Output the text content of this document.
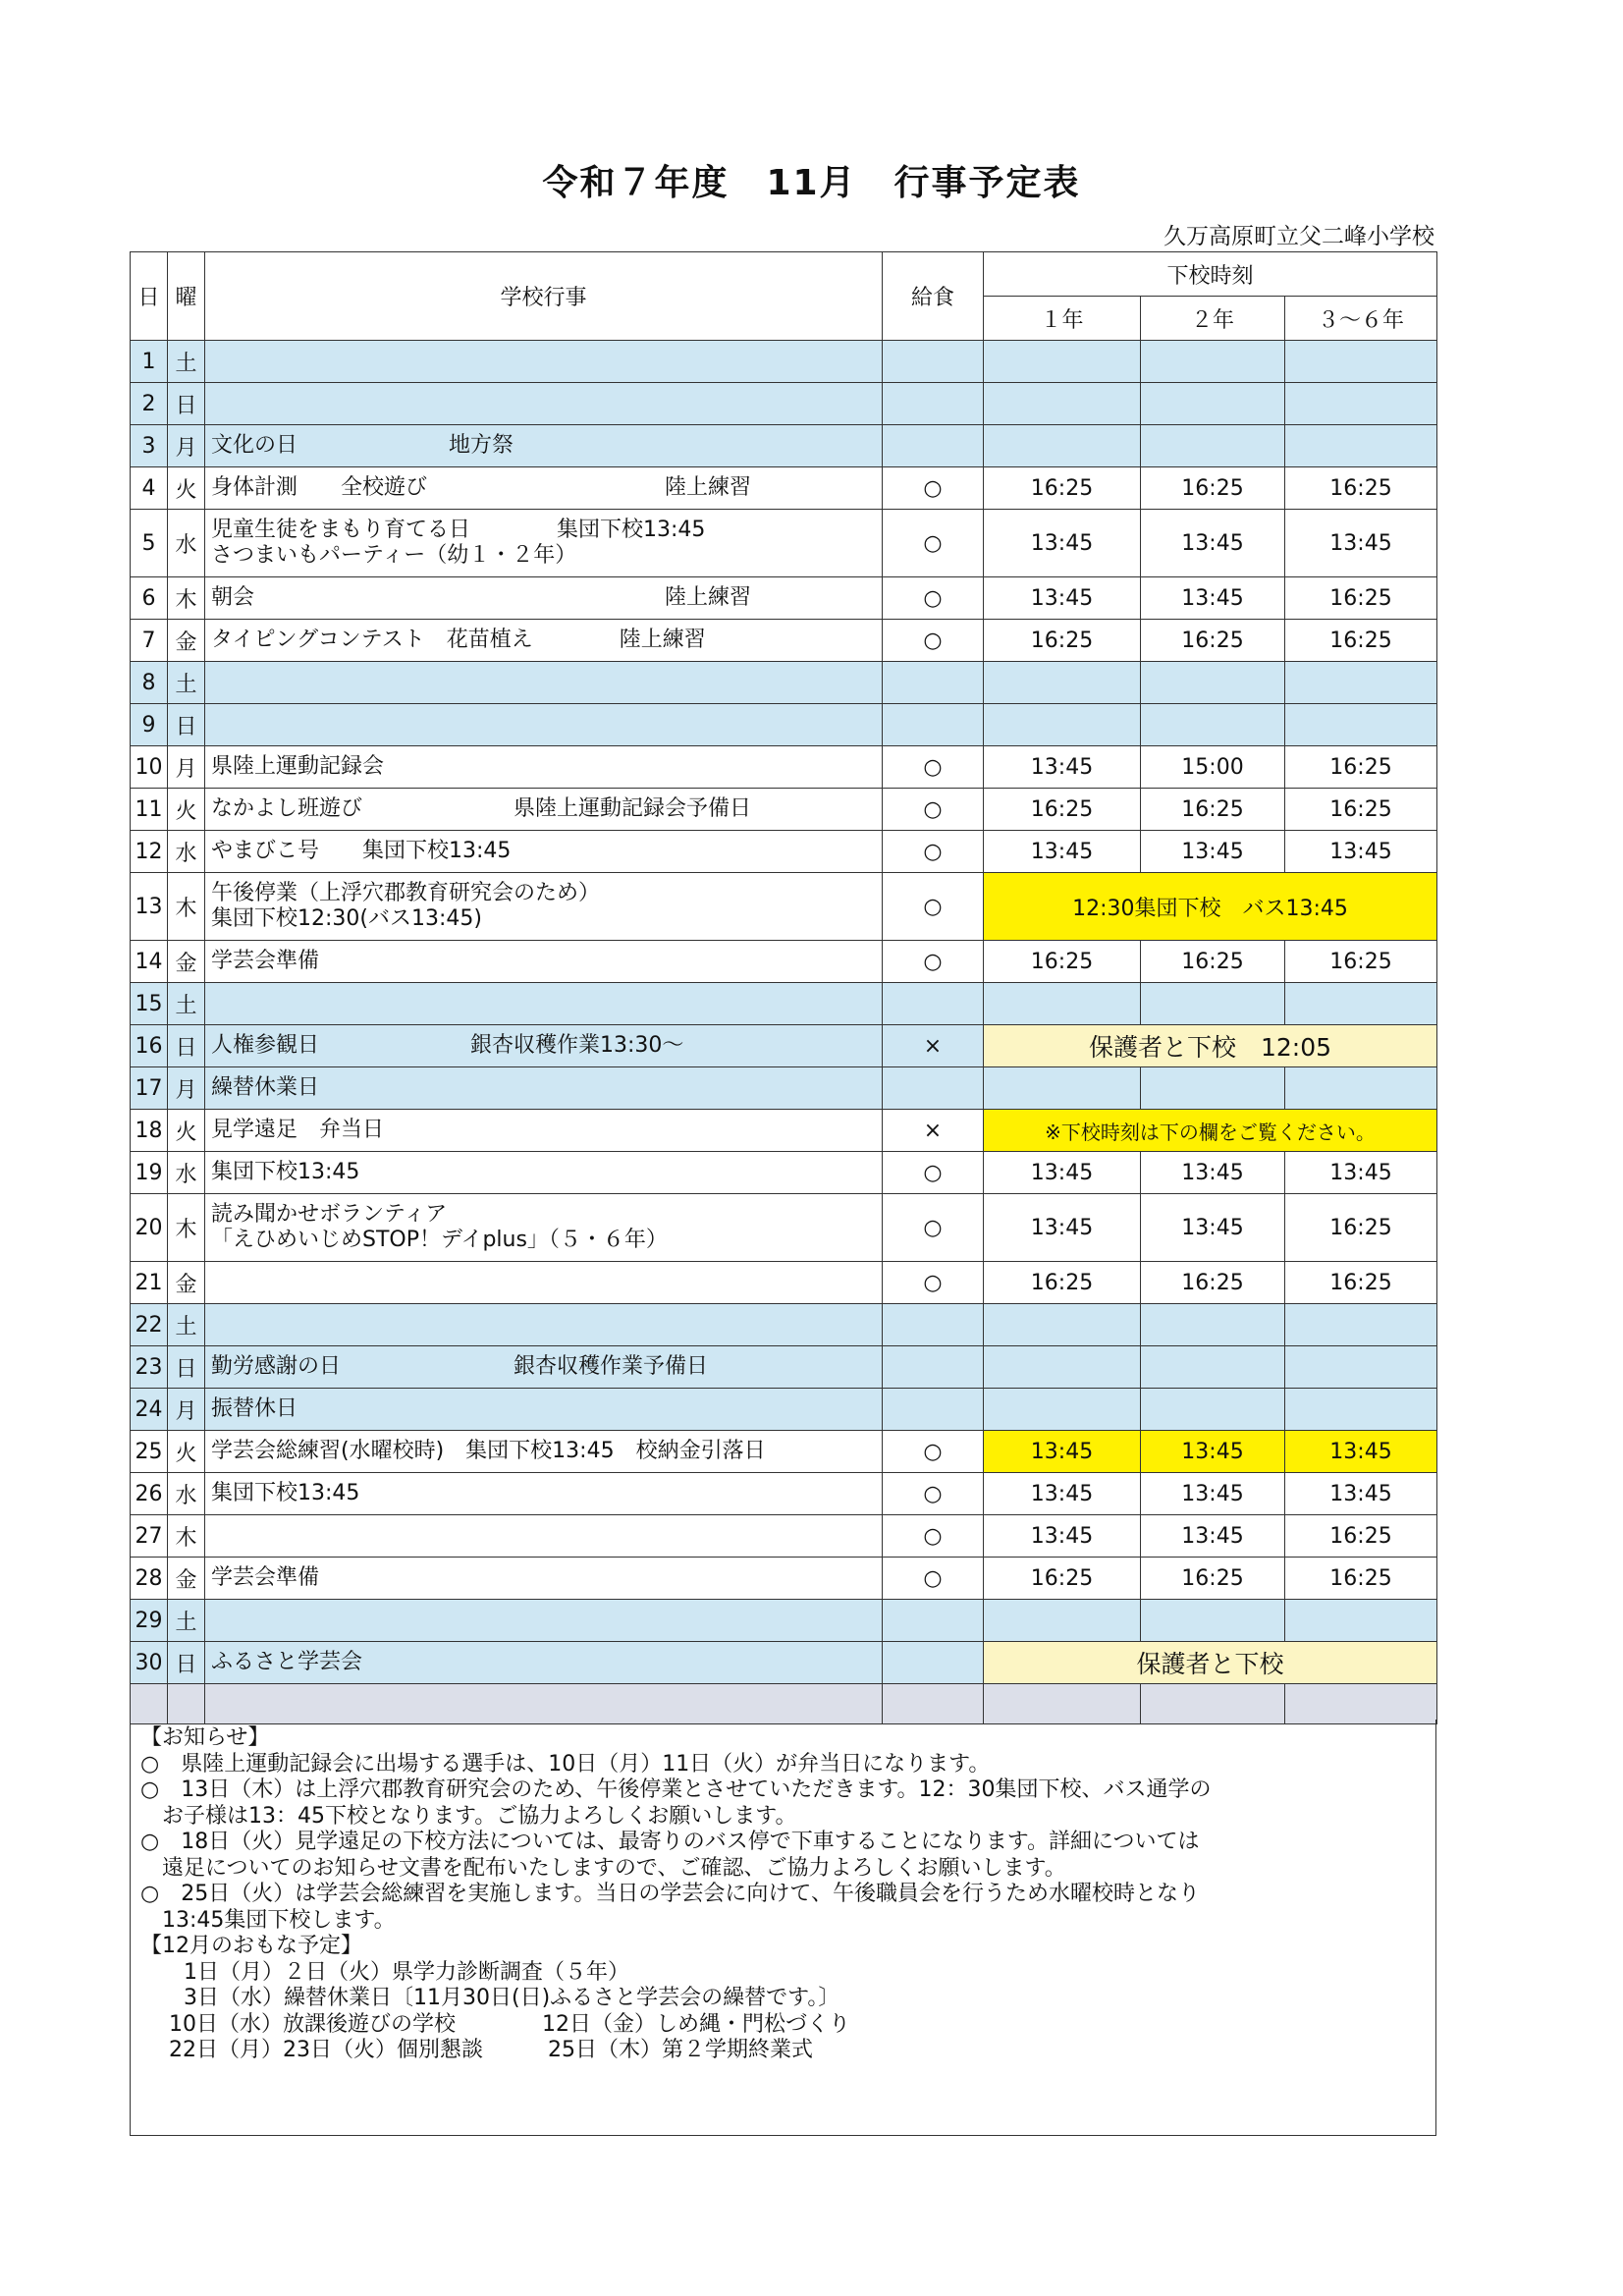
令和７年度　11月　行事予定表
久万高原町立父二峰小学校
日	曜	学校行事	給食	下校時刻		
				１年	２年	３～６年
1	土	

2	日	

3	月	文化の日　　　　　　　地方祭				

4	火	身体計測　　全校遊び　　　　　　　　　　　陸上練習	○	16:25	16:25	16:25
5	水	児童生徒をまもり育てる日　　　　集団下校13:45
さつまいもパーティー（幼１・２年）	○	13:45	13:45	13:45
6	木	朝会　　　　　　　　　　　　　　　　　　　陸上練習	○	13:45	13:45	16:25
7	金	タイピングコンテスト　花苗植え　　　　陸上練習	○	16:25	16:25	16:25
8	土	

9	日	

10	月	県陸上運動記録会	○	13:45	15:00	16:25
11	火	なかよし班遊び　　　　　　　県陸上運動記録会予備日	○	16:25	16:25	16:25
12	水	やまびこ号　　集団下校13:45	○	13:45	13:45	13:45
13	木	午後停業（上浮穴郡教育研究会のため）
集団下校12:30(バス13:45)	○	12:30集団下校　バス13:45		
14	金	学芸会準備	○	16:25	16:25	16:25
15	土	

16	日	人権参観日　　　　　　　銀杏収穫作業13:30～	×	保護者と下校　12:05		
17	月	繰替休業日				

18	火	見学遠足　弁当日	×	※下校時刻は下の欄をご覧ください。		
19	水	集団下校13:45	○	13:45	13:45	13:45
20	木	読み聞かせボランティア
「えひめいじめSTOP！デイplus」（５・６年）	○	13:45	13:45	16:25
21	金		○	16:25	16:25	16:25
22	土	

23	日	勤労感謝の日　　　　　　　　銀杏収穫作業予備日				

24	月	振替休日				

25	火	学芸会総練習(水曜校時)　集団下校13:45　校納金引落日	○	13:45	13:45	13:45
26	水	集団下校13:45	○	13:45	13:45	13:45
27	木		○	13:45	13:45	16:25
28	金	学芸会準備	○	16:25	16:25	16:25
29	土	

30	日	ふるさと学芸会		保護者と下校		

【お知らせ】
○　県陸上運動記録会に出場する選手は、10日（月）11日（火）が弁当日になります。
○　13日（木）は上浮穴郡教育研究会のため、午後停業とさせていただきます。12：30集団下校、バス通学の
　お子様は13：45下校となります。ご協力よろしくお願いします。
○　18日（火）見学遠足の下校方法については、最寄りのバス停で下車することになります。詳細については
　遠足についてのお知らせ文書を配布いたしますので、ご確認、ご協力よろしくお願いします。
○　25日（火）は学芸会総練習を実施します。当日の学芸会に向けて、午後職員会を行うため水曜校時となり
　13:45集団下校します。
【12月のおもな予定】
　　1日（月）２日（火）県学力診断調査（５年）
　　3日（水）繰替休業日〔11月30日(日)ふるさと学芸会の繰替です。〕
　 10日（水）放課後遊びの学校　　　　12日（金）しめ縄・門松づくり
　 22日（月）23日（火）個別懇談　　　25日（木）第２学期終業式
